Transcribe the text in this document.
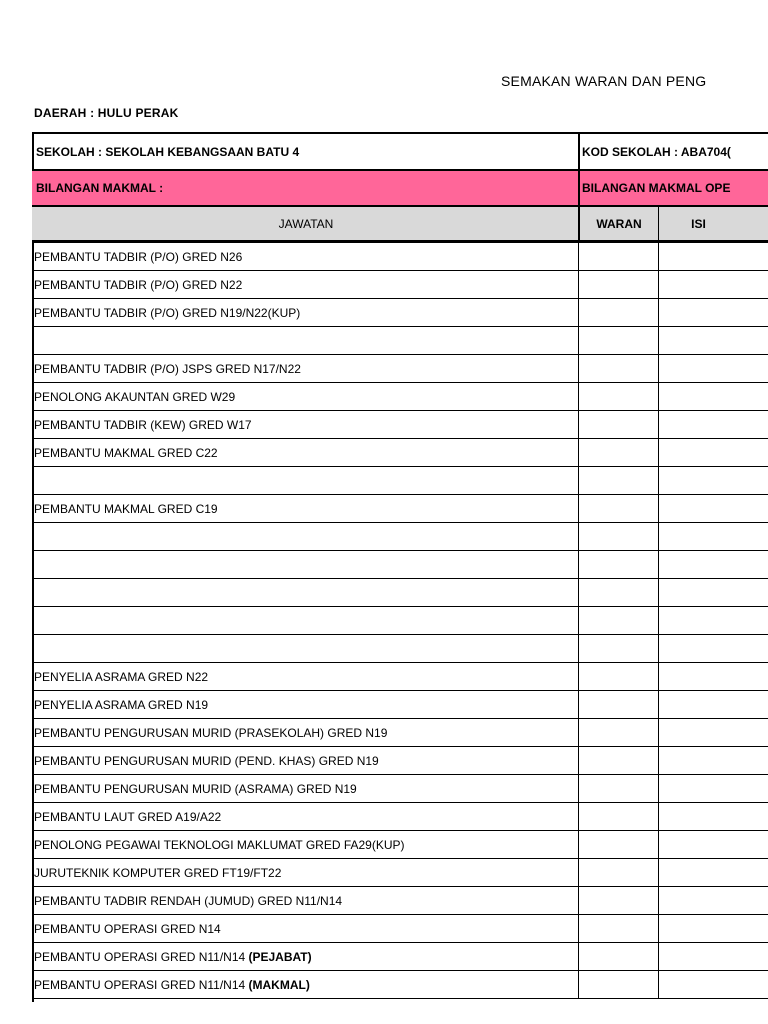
SEMAKAN WARAN DAN PENG
DAERAH : HULU PERAK
SEKOLAH : SEKOLAH KEBANGSAAN BATU 4	KOD SEKOLAH : ABA704(
BILANGAN MAKMAL :	BILANGAN MAKMAL OPE
JAWATAN	WARAN	ISI
PEMBANTU TADBIR (P/O) GRED N26
PEMBANTU TADBIR (P/O) GRED N22
PEMBANTU TADBIR (P/O) GRED N19/N22(KUP)
PEMBANTU TADBIR (P/O) JSPS GRED N17/N22
PENOLONG AKAUNTAN GRED W29
PEMBANTU TADBIR (KEW) GRED W17
PEMBANTU MAKMAL GRED C22
PEMBANTU MAKMAL GRED C19
PENYELIA ASRAMA GRED N22
PENYELIA ASRAMA GRED N19
PEMBANTU PENGURUSAN MURID (PRASEKOLAH) GRED N19
PEMBANTU PENGURUSAN MURID (PEND. KHAS) GRED N19
PEMBANTU PENGURUSAN MURID (ASRAMA) GRED N19
PEMBANTU LAUT GRED A19/A22
PENOLONG PEGAWAI TEKNOLOGI MAKLUMAT GRED FA29(KUP)
JURUTEKNIK KOMPUTER GRED FT19/FT22
PEMBANTU TADBIR RENDAH (JUMUD) GRED N11/N14
PEMBANTU OPERASI GRED N14
PEMBANTU OPERASI GRED N11/N14 (PEJABAT)
PEMBANTU OPERASI GRED N11/N14 (MAKMAL)
